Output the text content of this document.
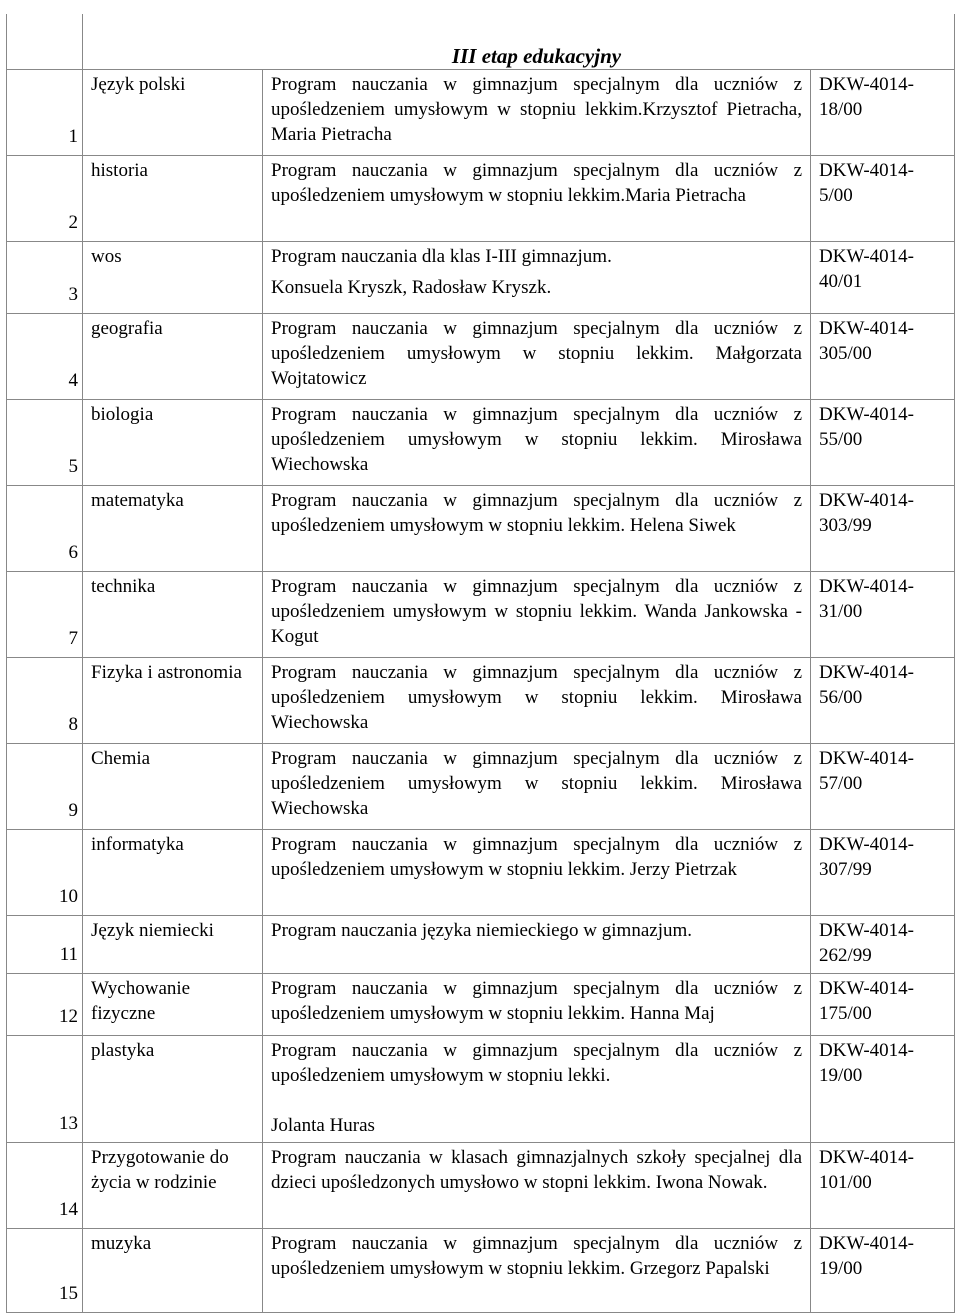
		III etap edukacyjny	
1	Język polski	Program nauczania w gimnazjum specjalnym dla uczniów z upośledzeniem umysłowym w stopniu lekkim.Krzysztof Pietracha, Maria Pietracha	DKW-4014-
18/00

2	historia	Program nauczania w gimnazjum specjalnym dla uczniów z upośledzeniem umysłowym w stopniu lekkim.Maria Pietracha	DKW-4014-
5/00

3	wos	Program nauczania dla klas I-III gimnazjum.
Konsuela Kryszk, Radosław Kryszk.	DKW-4014-
40/01

4	geografia	Program nauczania w gimnazjum specjalnym dla uczniów z upośledzeniem umysłowym w stopniu lekkim. Małgorzata Wojtatowicz	DKW-4014-
305/00

5	biologia	Program nauczania w gimnazjum specjalnym dla uczniów z upośledzeniem umysłowym w stopniu lekkim. Mirosława Wiechowska	DKW-4014-
55/00

6	matematyka	Program nauczania w gimnazjum specjalnym dla uczniów z upośledzeniem umysłowym w stopniu lekkim. Helena Siwek	DKW-4014-
303/99

7	technika	Program nauczania w gimnazjum specjalnym dla uczniów z upośledzeniem umysłowym w stopniu lekkim. Wanda Jankowska - Kogut	DKW-4014-
31/00

8	Fizyka i astronomia	Program nauczania w gimnazjum specjalnym dla uczniów z upośledzeniem umysłowym w stopniu lekkim. Mirosława Wiechowska	DKW-4014-
56/00

9	Chemia	Program nauczania w gimnazjum specjalnym dla uczniów z upośledzeniem umysłowym w stopniu lekkim. Mirosława Wiechowska	DKW-4014-
57/00

10	informatyka	Program nauczania w gimnazjum specjalnym dla uczniów z upośledzeniem umysłowym w stopniu lekkim. Jerzy Pietrzak	DKW-4014-
307/99

11	Język niemiecki	Program nauczania języka niemieckiego w gimnazjum.	DKW-4014-
262/99

12	Wychowanie fizyczne	Program nauczania w gimnazjum specjalnym dla uczniów z upośledzeniem umysłowym w stopniu lekkim. Hanna Maj	DKW-4014-
175/00

13	plastyka	Program nauczania w gimnazjum specjalnym dla uczniów z upośledzeniem umysłowym w stopniu lekki.
Jolanta Huras	DKW-4014-
19/00

14	Przygotowanie do życia w rodzinie	Program nauczania w klasach gimnazjalnych szkoły specjalnej dla dzieci upośledzonych umysłowo w stopni lekkim. Iwona Nowak.	DKW-4014-
101/00

15	muzyka	Program nauczania w gimnazjum specjalnym dla uczniów z upośledzeniem umysłowym w stopniu lekkim. Grzegorz Papalski	DKW-4014-
19/00
